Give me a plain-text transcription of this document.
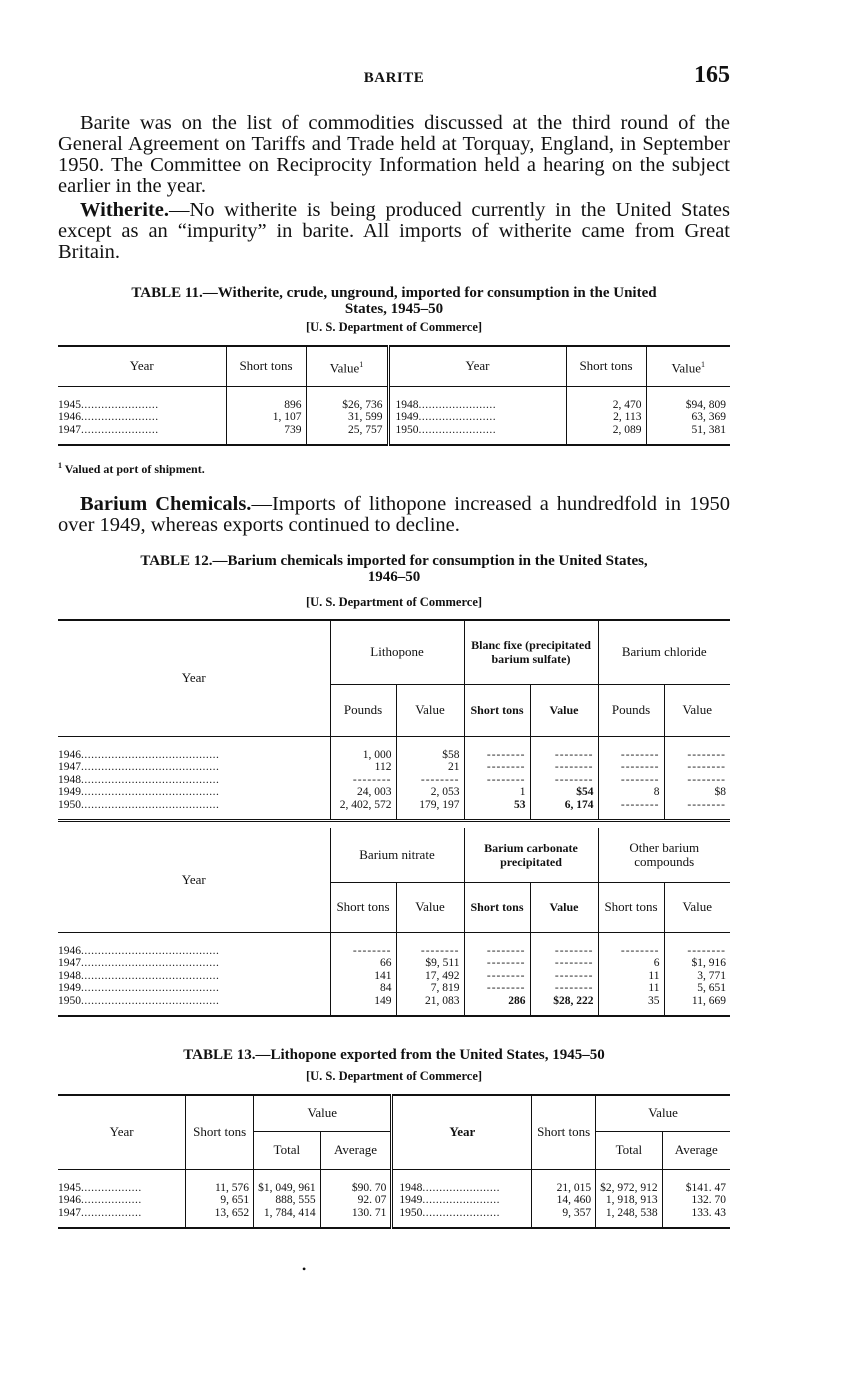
BARITE	165

Barite was on the list of commodities discussed at the third round of the General Agreement on Tariffs and Trade held at Torquay, England, in September 1950. The Committee on Reciprocity Information held a hearing on the subject earlier in the year.

Witherite.—No witherite is being produced currently in the United States except as an “impurity” in barite. All imports of witherite came from Great Britain.

TABLE 11.—Witherite, crude, unground, imported for consumption in the United
States, 1945–50
[U. S. Department of Commerce]
Year	Short tons	Value$^1$	Year	Short tons	Value$^1$
1945.......................	896	$26, 736	1948.......................	2, 470	$94, 809
1946.......................	1, 107	31, 599	1949.......................	2, 113	63, 369
1947.......................	739	25, 757	1950.......................	2, 089	51, 381
$^1$ Valued at port of shipment.

Barium Chemicals.—Imports of lithopone increased a hundredfold in 1950 over 1949, whereas exports continued to decline.

TABLE 12.—Barium chemicals imported for consumption in the United States,
1946–50
[U. S. Department of Commerce]
Year	Lithopone		Blanc fixe (precipitated barium sulfate)		Barium chloride	
	Pounds	Value	Short tons	Value	Pounds	Value
1946.........................................	1, 000	$58	--------	--------	--------	--------
1947.........................................	112	21	--------	--------	--------	--------
1948.........................................	--------	--------	--------	--------	--------	--------
1949.........................................	24, 003	2, 053	1	$54	8	$8
1950.........................................	2, 402, 572	179, 197	53	6, 174	--------	--------
Year	Barium nitrate		Barium carbonate precipitated		Other barium compounds	
	Short tons	Value	Short tons	Value	Short tons	Value
1946.........................................	--------	--------	--------	--------	--------	--------
1947.........................................	66	$9, 511	--------	--------	6	$1, 916
1948.........................................	141	17, 492	--------	--------	11	3, 771
1949.........................................	84	7, 819	--------	--------	11	5, 651
1950.........................................	149	21, 083	286	$28, 222	35	11, 669
TABLE 13.—Lithopone exported from the United States, 1945–50
[U. S. Department of Commerce]
Year	Short tons	Value		Year	Short tons	Value	
		Total	Average			Total	Average
1945..................	11, 576	$1, 049, 961	$90. 70	1948.......................	21, 015	$2, 972, 912	$141. 47
1946..................	9, 651	888, 555	92. 07	1949.......................	14, 460	1, 918, 913	132. 70
1947..................	13, 652	1, 784, 414	130. 71	1950.......................	9, 357	1, 248, 538	133. 43
•
